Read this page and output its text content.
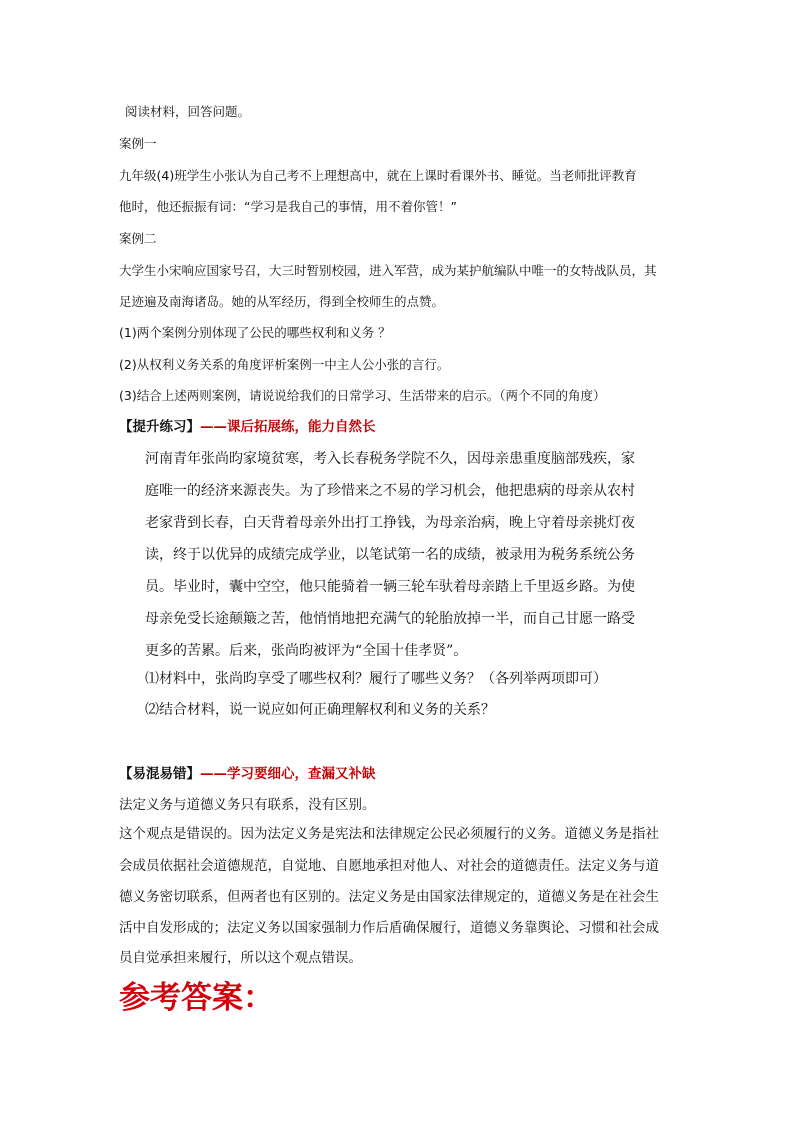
阅读材料，回答问题。
案例一
九年级(4)班学生小张认为自己考不上理想高中，就在上课时看课外书、睡觉。当老师批评教育
他时，他还振振有词：“学习是我自己的事情，用不着你管！”
案例二
大学生小宋响应国家号召，大三时暂别校园，进入军营，成为某护航编队中唯一的女特战队员，其
足迹遍及南海诸岛。她的从军经历，得到全校师生的点赞。
(1)两个案例分别体现了公民的哪些权利和义务 ？
(2)从权利义务关系的角度评析案例一中主人公小张的言行。
(3)结合上述两则案例，请说说给我们的日常学习、生活带来的启示。（两个不同的角度）
【提升练习】——课后拓展练，能力自然长
河南青年张尚昀家境贫寒，考入长春税务学院不久，因母亲患重度脑部残疾，家
庭唯一的经济来源丧失。为了珍惜来之不易的学习机会，他把患病的母亲从农村
老家背到长春，白天背着母亲外出打工挣钱，为母亲治病，晚上守着母亲挑灯夜
读，终于以优异的成绩完成学业，以笔试第一名的成绩，被录用为税务系统公务
员。毕业时，囊中空空，他只能骑着一辆三轮车驮着母亲踏上千里返乡路。为使
母亲免受长途颠簸之苦，他悄悄地把充满气的轮胎放掉一半，而自己甘愿一路受
更多的苦累。后来，张尚昀被评为“全国十佳孝贤”。
⑴材料中，张尚昀享受了哪些权利？履行了哪些义务？（各列举两项即可）
⑵结合材料，说一说应如何正确理解权利和义务的关系？
【易混易错】——学习要细心，查漏又补缺
法定义务与道德义务只有联系，没有区别。
这个观点是错误的。因为法定义务是宪法和法律规定公民必须履行的义务。道德义务是指社
会成员依据社会道德规范，自觉地、自愿地承担对他人、对社会的道德责任。法定义务与道
德义务密切联系，但两者也有区别的。法定义务是由国家法律规定的，道德义务是在社会生
活中自发形成的；法定义务以国家强制力作后盾确保履行，道德义务靠舆论、习惯和社会成
员自觉承担来履行，所以这个观点错误。
参考答案：
